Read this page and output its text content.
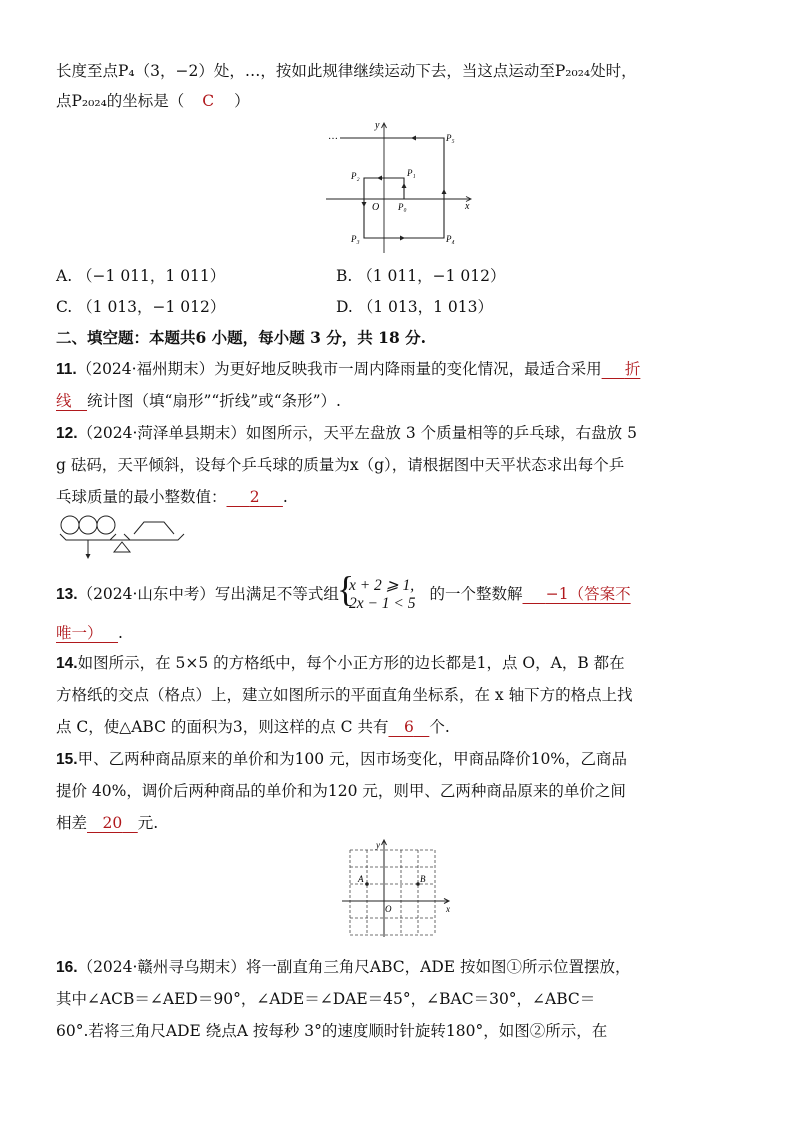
长度至点P₄（3，−2）处，…，按如此规律继续运动下去，当这点运动至P₂₀₂₄处时，
点P₂₀₂₄的坐标是（ C ）
…
y
x
O P₀
P₁
P₂
P₃	P₄
P₅
A. （−1 011，1 011）	B. （1 011，−1 012）
C. （1 013，−1 012）	D. （1 013，1 013）
二、填空题：本题共6 小题，每小题 3 分，共 18 分.
11.（2024·福州期末）为更好地反映我市一周内降雨量的变化情况，最适合采用   折
线  统计图（填“扇形”“折线”或“条形”）.
12.（2024·菏泽单县期末）如图所示，天平左盘放 3 个质量相等的乒乓球，右盘放 5
g 砝码，天平倾斜，设每个乒乓球的质量为x（g），请根据图中天平状态求出每个乒
乓球质量的最小整数值：   2   .
13.（2024·山东中考）写出满足不等式组
{
x + 2 ⩾ 1,
2x − 1 < 5
的一个整数解   −1（答案不
唯一）  .
14.如图所示，在 5×5 的方格纸中，每个小正方形的边长都是1，点 O，A，B 都在
方格纸的交点（格点）上，建立如图所示的平面直角坐标系，在 x 轴下方的格点上找
点 C，使△ABC 的面积为3，则这样的点 C 共有  6  个.
15.甲、乙两种商品原来的单价和为100 元，因市场变化，甲商品降价10%，乙商品
提价 40%，调价后两种商品的单价和为120 元，则甲、乙两种商品原来的单价之间
相差  20  元.
y
x
O
A	B
16.（2024·赣州寻乌期末）将一副直角三角尺ABC，ADE 按如图①所示位置摆放，
其中∠ACB＝∠AED＝90°，∠ADE＝∠DAE＝45°，∠BAC＝30°，∠ABC＝
60°.若将三角尺ADE 绕点A 按每秒 3°的速度顺时针旋转180°，如图②所示，在
